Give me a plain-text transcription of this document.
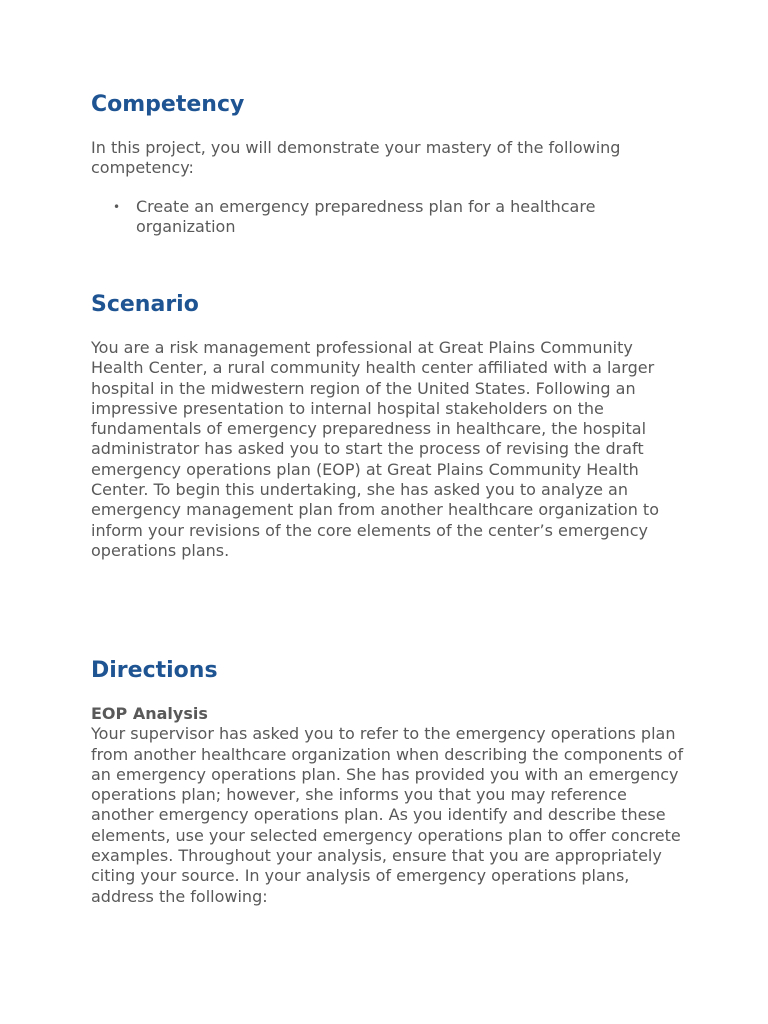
Competency

In this project, you will demonstrate your mastery of the following competency:

• Create an emergency preparedness plan for a healthcare organization
Scenario

You are a risk management professional at Great Plains Community Health Center, a rural community health center affiliated with a larger hospital in the midwestern region of the United States. Following an impressive presentation to internal hospital stakeholders on the fundamentals of emergency preparedness in healthcare, the hospital administrator has asked you to start the process of revising the draft emergency operations plan (EOP) at Great Plains Community Health Center. To begin this undertaking, she has asked you to analyze an emergency management plan from another healthcare organization to inform your revisions of the core elements of the center’s emergency operations plans.

Directions
EOP Analysis
Your supervisor has asked you to refer to the emergency operations plan from another healthcare organization when describing the components of an emergency operations plan. She has provided you with an emergency operations plan; however, she informs you that you may reference another emergency operations plan. As you identify and describe these elements, use your selected emergency operations plan to offer concrete examples. Throughout your analysis, ensure that you are appropriately citing your source. In your analysis of emergency operations plans, address the following:
